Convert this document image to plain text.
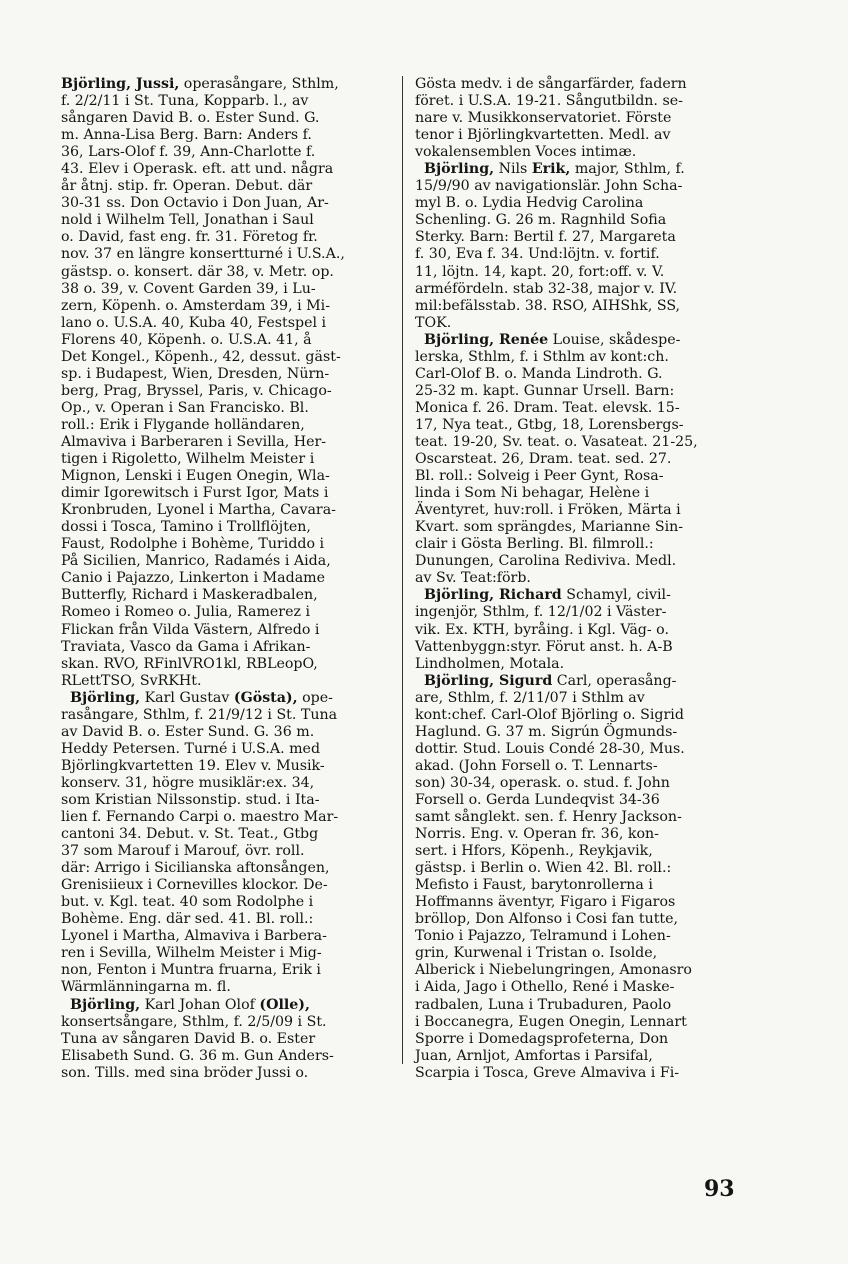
Björling, Jussi, operasångare, Sthlm,
f. 2/2/11 i St. Tuna, Kopparb. l., av
sångaren David B. o. Ester Sund. G.
m. Anna-Lisa Berg. Barn: Anders f.
36, Lars-Olof f. 39, Ann-Charlotte f.
43. Elev i Operask. eft. att und. några
år åtnj. stip. fr. Operan. Debut. där
30-31 ss. Don Octavio i Don Juan, Ar-
nold i Wilhelm Tell, Jonathan i Saul
o. David, fast eng. fr. 31. Företog fr.
nov. 37 en längre konsertturné i U.S.A.,
gästsp. o. konsert. där 38, v. Metr. op.
38 o. 39, v. Covent Garden 39, i Lu-
zern, Köpenh. o. Amsterdam 39, i Mi-
lano o. U.S.A. 40, Kuba 40, Festspel i
Florens 40, Köpenh. o. U.S.A. 41, å
Det Kongel., Köpenh., 42, dessut. gäst-
sp. i Budapest, Wien, Dresden, Nürn-
berg, Prag, Bryssel, Paris, v. Chicago-
Op., v. Operan i San Francisko. Bl.
roll.: Erik i Flygande holländaren,
Almaviva i Barberaren i Sevilla, Her-
tigen i Rigoletto, Wilhelm Meister i
Mignon, Lenski i Eugen Onegin, Wla-
dimir Igorewitsch i Furst Igor, Mats i
Kronbruden, Lyonel i Martha, Cavara-
dossi i Tosca, Tamino i Trollflöjten,
Faust, Rodolphe i Bohème, Turiddo i
På Sicilien, Manrico, Radamés i Aida,
Canio i Pajazzo, Linkerton i Madame
Butterfly, Richard i Maskeradbalen,
Romeo i Romeo o. Julia, Ramerez i
Flickan från Vilda Västern, Alfredo i
Traviata, Vasco da Gama i Afrikan-
skan. RVO, RFinlVRO1kl, RBLeopO,
RLettTSO, SvRKHt.
Björling, Karl Gustav (Gösta), ope-
rasångare, Sthlm, f. 21/9/12 i St. Tuna
av David B. o. Ester Sund. G. 36 m.
Heddy Petersen. Turné i U.S.A. med
Björlingkvartetten 19. Elev v. Musik-
konserv. 31, högre musiklär:ex. 34,
som Kristian Nilssonstip. stud. i Ita-
lien f. Fernando Carpi o. maestro Mar-
cantoni 34. Debut. v. St. Teat., Gtbg
37 som Marouf i Marouf, övr. roll.
där: Arrigo i Sicilianska aftonsången,
Grenisiieux i Cornevilles klockor. De-
but. v. Kgl. teat. 40 som Rodolphe i
Bohème. Eng. där sed. 41. Bl. roll.:
Lyonel i Martha, Almaviva i Barbera-
ren i Sevilla, Wilhelm Meister i Mig-
non, Fenton i Muntra fruarna, Erik i
Wärmlänningarna m. fl.
Björling, Karl Johan Olof (Olle),
konsertsångare, Sthlm, f. 2/5/09 i St.
Tuna av sångaren David B. o. Ester
Elisabeth Sund. G. 36 m. Gun Anders-
son. Tills. med sina bröder Jussi o.
Gösta medv. i de sångarfärder, fadern
föret. i U.S.A. 19-21. Sångutbildn. se-
nare v. Musikkonservatoriet. Förste
tenor i Björlingkvartetten. Medl. av
vokalensemblen Voces intimæ.
Björling, Nils Erik, major, Sthlm, f.
15/9/90 av navigationslär. John Scha-
myl B. o. Lydia Hedvig Carolina
Schenling. G. 26 m. Ragnhild Sofia
Sterky. Barn: Bertil f. 27, Margareta
f. 30, Eva f. 34. Und:löjtn. v. fortif.
11, löjtn. 14, kapt. 20, fort:off. v. V.
arméfördeln. stab 32-38, major v. IV.
mil:befälsstab. 38. RSO, AIHShk, SS,
TOK.
Björling, Renée Louise, skådespe-
lerska, Sthlm, f. i Sthlm av kont:ch.
Carl-Olof B. o. Manda Lindroth. G.
25-32 m. kapt. Gunnar Ursell. Barn:
Monica f. 26. Dram. Teat. elevsk. 15-
17, Nya teat., Gtbg, 18, Lorensbergs-
teat. 19-20, Sv. teat. o. Vasateat. 21-25,
Oscarsteat. 26, Dram. teat. sed. 27.
Bl. roll.: Solveig i Peer Gynt, Rosa-
linda i Som Ni behagar, Helène i
Äventyret, huv:roll. i Fröken, Märta i
Kvart. som sprängdes, Marianne Sin-
clair i Gösta Berling. Bl. filmroll.:
Dunungen, Carolina Rediviva. Medl.
av Sv. Teat:förb.
Björling, Richard Schamyl, civil-
ingenjör, Sthlm, f. 12/1/02 i Väster-
vik. Ex. KTH, byråing. i Kgl. Väg- o.
Vattenbyggn:styr. Förut anst. h. A-B
Lindholmen, Motala.
Björling, Sigurd Carl, operasång-
are, Sthlm, f. 2/11/07 i Sthlm av
kont:chef. Carl-Olof Björling o. Sigrid
Haglund. G. 37 m. Sigrún Ögmunds-
dottir. Stud. Louis Condé 28-30, Mus.
akad. (John Forsell o. T. Lennarts-
son) 30-34, operask. o. stud. f. John
Forsell o. Gerda Lundeqvist 34-36
samt sånglekt. sen. f. Henry Jackson-
Norris. Eng. v. Operan fr. 36, kon-
sert. i Hfors, Köpenh., Reykjavik,
gästsp. i Berlin o. Wien 42. Bl. roll.:
Mefisto i Faust, barytonrollerna i
Hoffmanns äventyr, Figaro i Figaros
bröllop, Don Alfonso i Cosi fan tutte,
Tonio i Pajazzo, Telramund i Lohen-
grin, Kurwenal i Tristan o. Isolde,
Alberick i Niebelungringen, Amonasro
i Aida, Jago i Othello, René i Maske-
radbalen, Luna i Trubaduren, Paolo
i Boccanegra, Eugen Onegin, Lennart
Sporre i Domedagsprofeterna, Don
Juan, Arnljot, Amfortas i Parsifal,
Scarpia i Tosca, Greve Almaviva i Fi-
93
